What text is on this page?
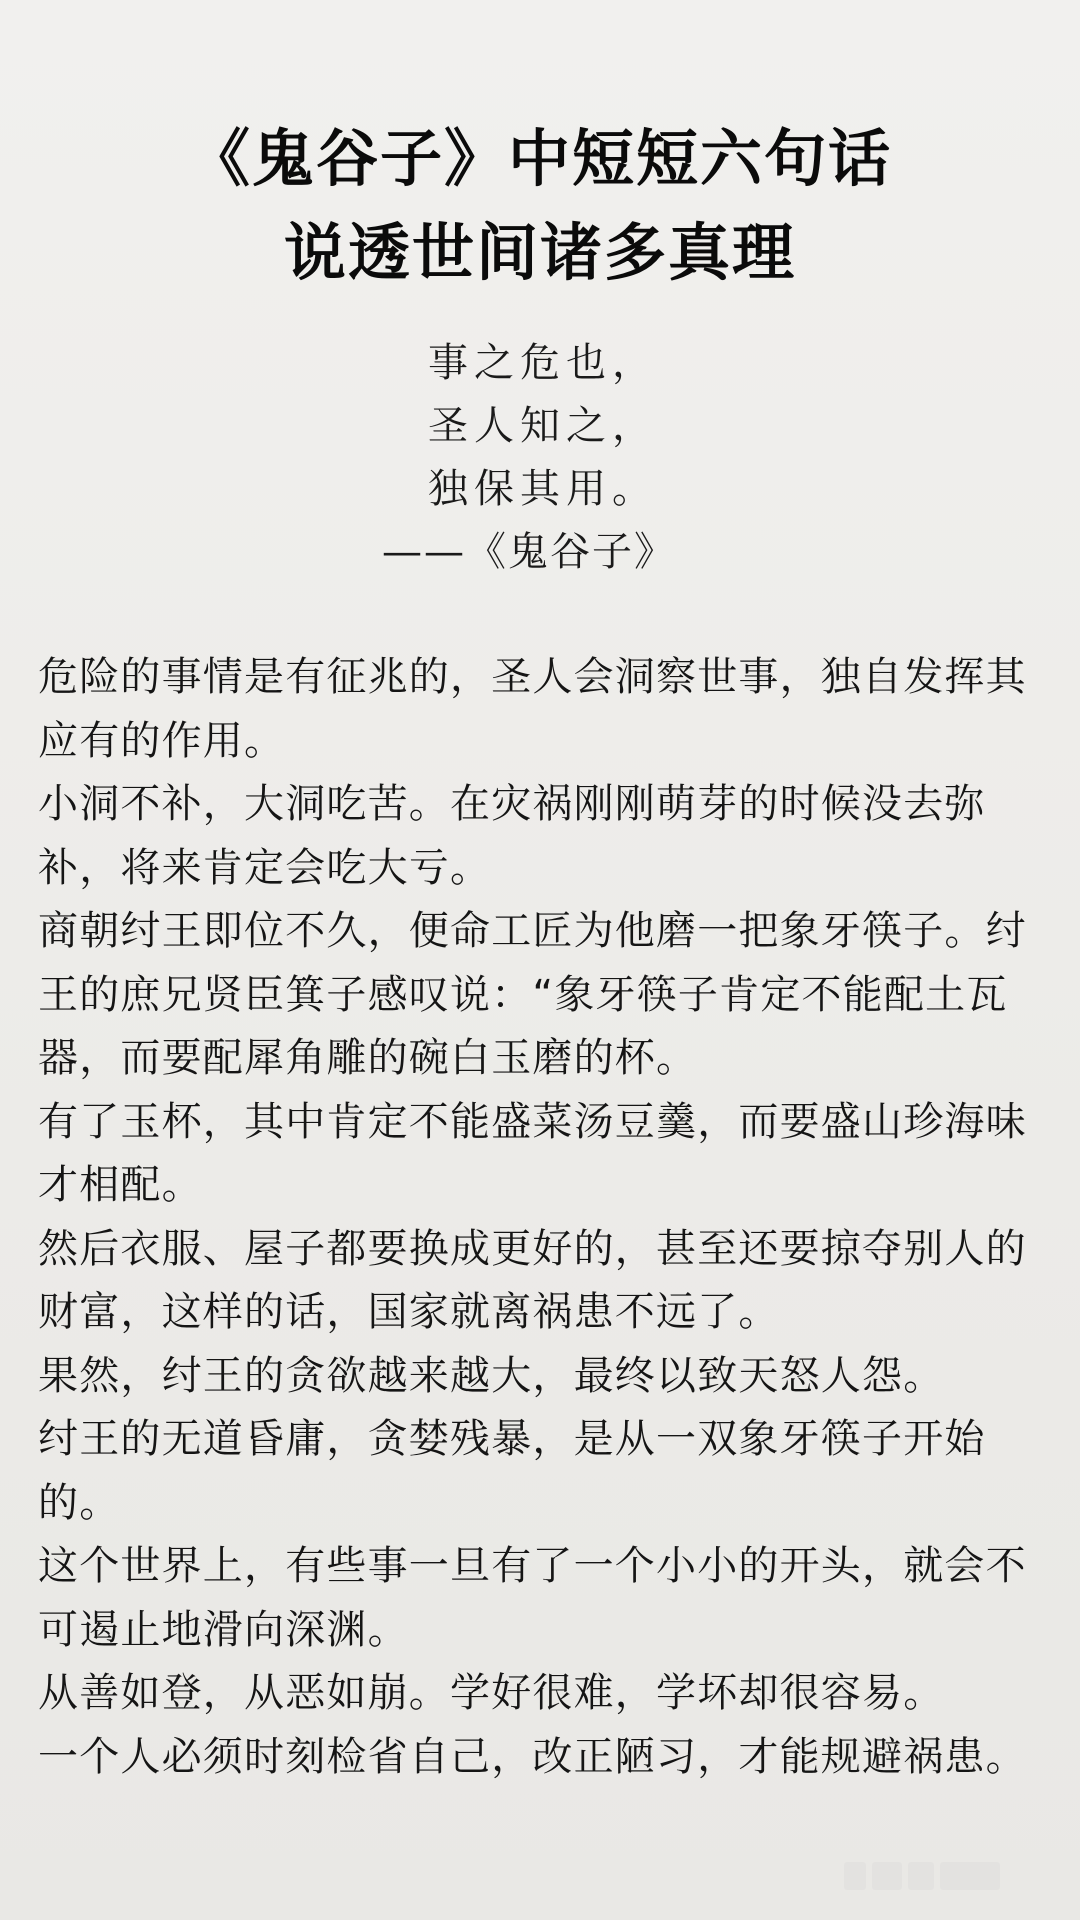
《鬼谷子》中短短六句话
说透世间诸多真理
事之危也，
圣人知之，
独保其用。
——《鬼谷子》

危险的事情是有征兆的，圣人会洞察世事，独自发挥其应有的作用。

小洞不补，大洞吃苦。在灾祸刚刚萌芽的时候没去弥补，将来肯定会吃大亏。

商朝纣王即位不久，便命工匠为他磨一把象牙筷子。纣王的庶兄贤臣箕子感叹说：“象牙筷子肯定不能配土瓦器，而要配犀角雕的碗白玉磨的杯。

有了玉杯，其中肯定不能盛菜汤豆羹，而要盛山珍海味才相配。

然后衣服、屋子都要换成更好的，甚至还要掠夺别人的财富，这样的话，国家就离祸患不远了。

果然，纣王的贪欲越来越大，最终以致天怒人怨。

纣王的无道昏庸，贪婪残暴，是从一双象牙筷子开始的。

这个世界上，有些事一旦有了一个小小的开头，就会不可遏止地滑向深渊。

从善如登，从恶如崩。学好很难，学坏却很容易。

一个人必须时刻检省自己，改正陋习，才能规避祸患。
